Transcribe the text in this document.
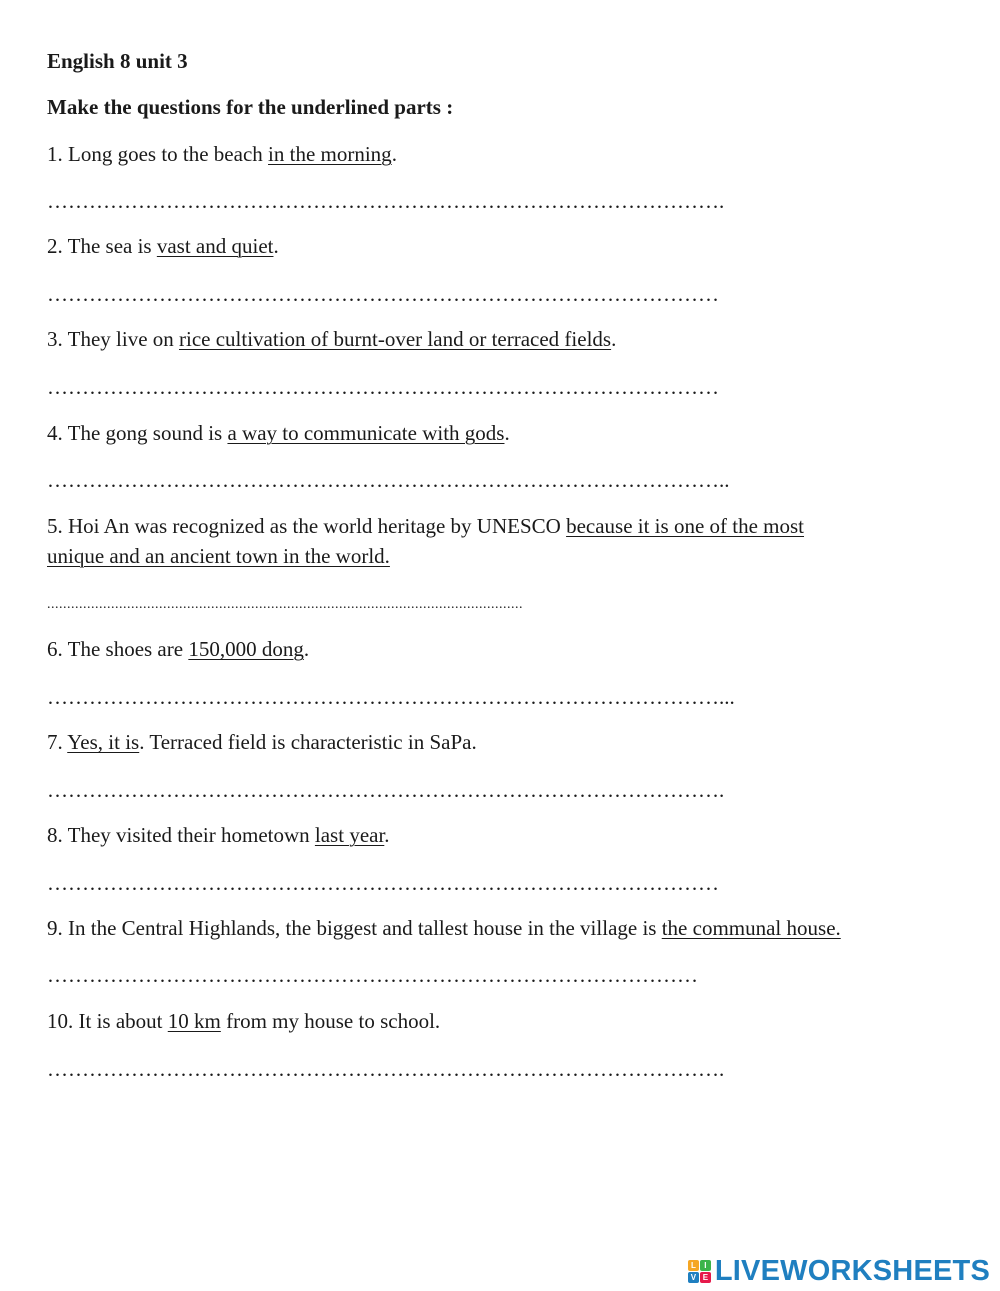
English 8 unit 3
Make the questions for the underlined parts :
1. Long goes to the beach in the morning.
…………………………………………………………………………………….
2. The sea is vast and quiet.
……………………………………………………………………………………
3. They live on rice cultivation of burnt-over land or terraced fields.
……………………………………………………………………………………
4. The gong sound is a way to communicate with gods.
……………………………………………………………………………………..
5. Hoi An was recognized as the world heritage by UNESCO because it is one of the most
unique and an ancient town in the world.
.......................................................................................................................
6. The shoes are 150,000 dong.
……………………………………………………………………………………...
7. Yes, it is. Terraced field is characteristic in SaPa.
…………………………………………………………………………………….
8. They visited their hometown last year.
……………………………………………………………………………………
9. In the Central Highlands, the biggest and tallest house in the village is the communal house.
…………………………………………………………………………………
10. It is about 10 km from my house to school.
…………………………………………………………………………………….
L	I
V E LIVEWORKSHEETS
